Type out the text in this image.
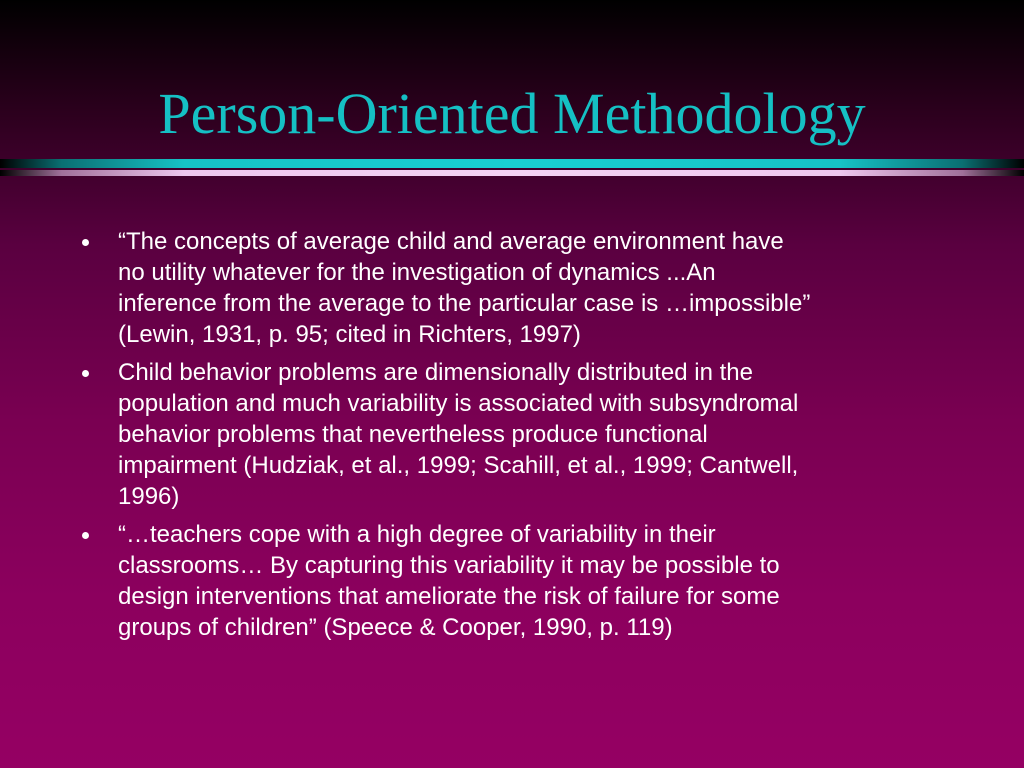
Person-Oriented Methodology
“The concepts of average child and average environment have
no utility whatever for the investigation of dynamics ...An
inference from the average to the particular case is …impossible”
(Lewin, 1931, p. 95; cited in Richters, 1997)
Child behavior problems are dimensionally distributed in the
population and much variability is associated with subsyndromal
behavior problems that nevertheless produce functional
impairment (Hudziak, et al., 1999; Scahill, et al., 1999; Cantwell,
1996)
“…teachers cope with a high degree of variability in their
classrooms… By capturing this variability it may be possible to
design interventions that ameliorate the risk of failure for some
groups of children” (Speece & Cooper, 1990, p. 119)
